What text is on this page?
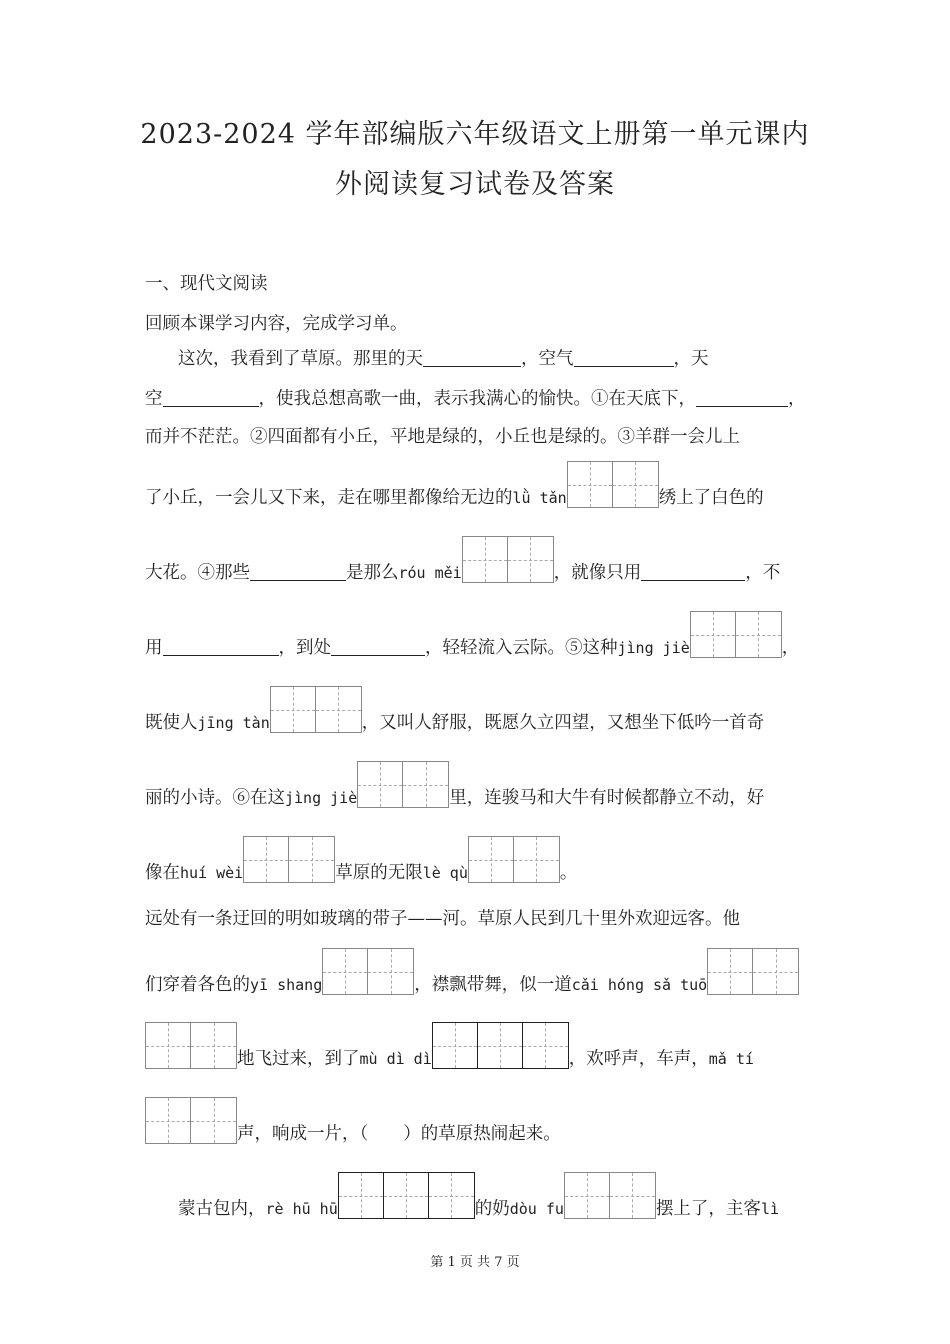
2023-2024 学年部编版六年级语文上册第一单元课内
外阅读复习试卷及答案
一、现代文阅读
回顾本课学习内容，完成学习单。
这次，我看到了草原。那里的天	，空气	，天
空	，使我总想高歌一曲，表示我满心的愉快。①在天底下，	，
而并不茫茫。②四面都有小丘，平地是绿的，小丘也是绿的。③羊群一会儿上
了小丘，一会儿又下来，走在哪里都像给无边的lǜ tǎn	绣上了白色的
大花。④那些	是那么róu měi	，就像只用	，不
用	，到处	，轻轻流入云际。⑤这种jìng jiè	，
既使人jīng tàn	，又叫人舒服，既愿久立四望，又想坐下低吟一首奇
丽的小诗。⑥在这jìng jiè	里，连骏马和大牛有时候都静立不动，好
像在huí wèi	草原的无限lè qù	。
远处有一条迂回的明如玻璃的带子——河。草原人民到几十里外欢迎远客。他
们穿着各色的yī shang	，襟飘带舞，似一道cǎi hóng sǎ tuō
地飞过来，到了mù dì dì	，欢呼声，车声，mǎ tí
声，响成一片，（　　）的草原热闹起来。
蒙古包内，rè hū hū	的奶dòu fu	摆上了，主客lì
第 1 页 共 7 页
